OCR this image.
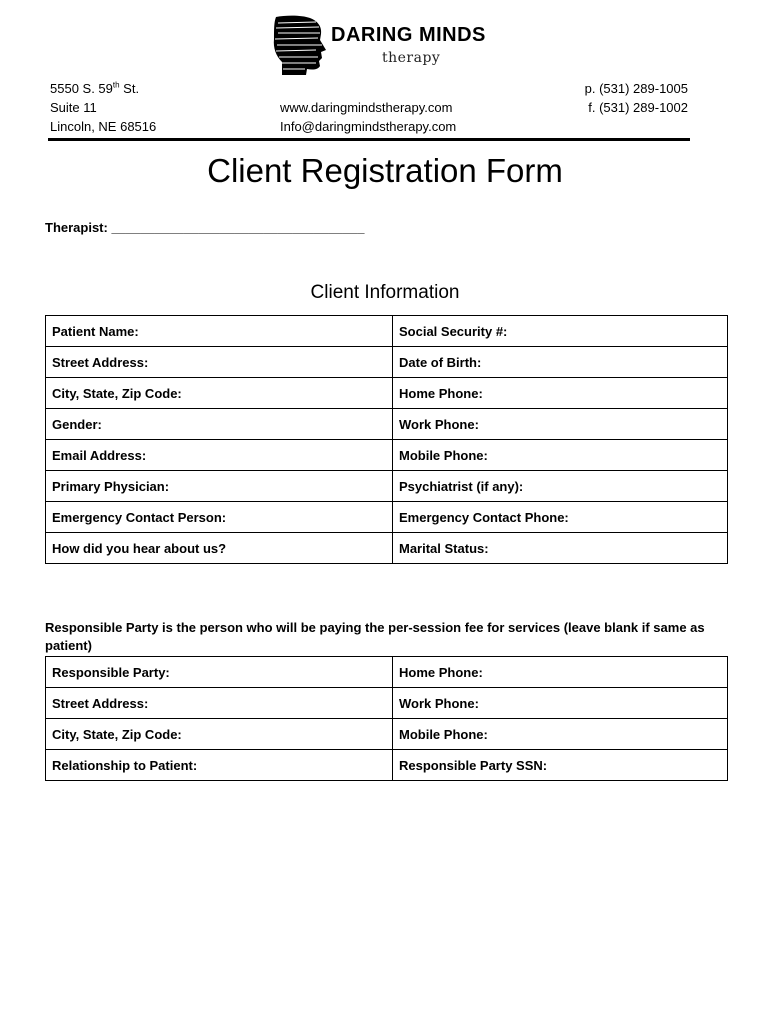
DARING MINDS
therapy
5550 S. 59th St.
Suite 11
Lincoln, NE 68516
www.daringmindstherapy.com
Info@daringmindstherapy.com
p. (531) 289-1005
f. (531) 289-1002
Client Registration Form
Therapist: ___________________________________
Client Information
Patient Name:	Social Security #:
Street Address:	Date of Birth:
City, State, Zip Code:	Home Phone:
Gender:	Work Phone:
Email Address:	Mobile Phone:
Primary Physician:	Psychiatrist (if any):
Emergency Contact Person:	Emergency Contact Phone:
How did you hear about us?	Marital Status:
Responsible Party is the person who will be paying the per-session fee for services (leave blank if same as patient)
Responsible Party:	Home Phone:
Street Address:	Work Phone:
City, State, Zip Code:	Mobile Phone:
Relationship to Patient:	Responsible Party SSN:
